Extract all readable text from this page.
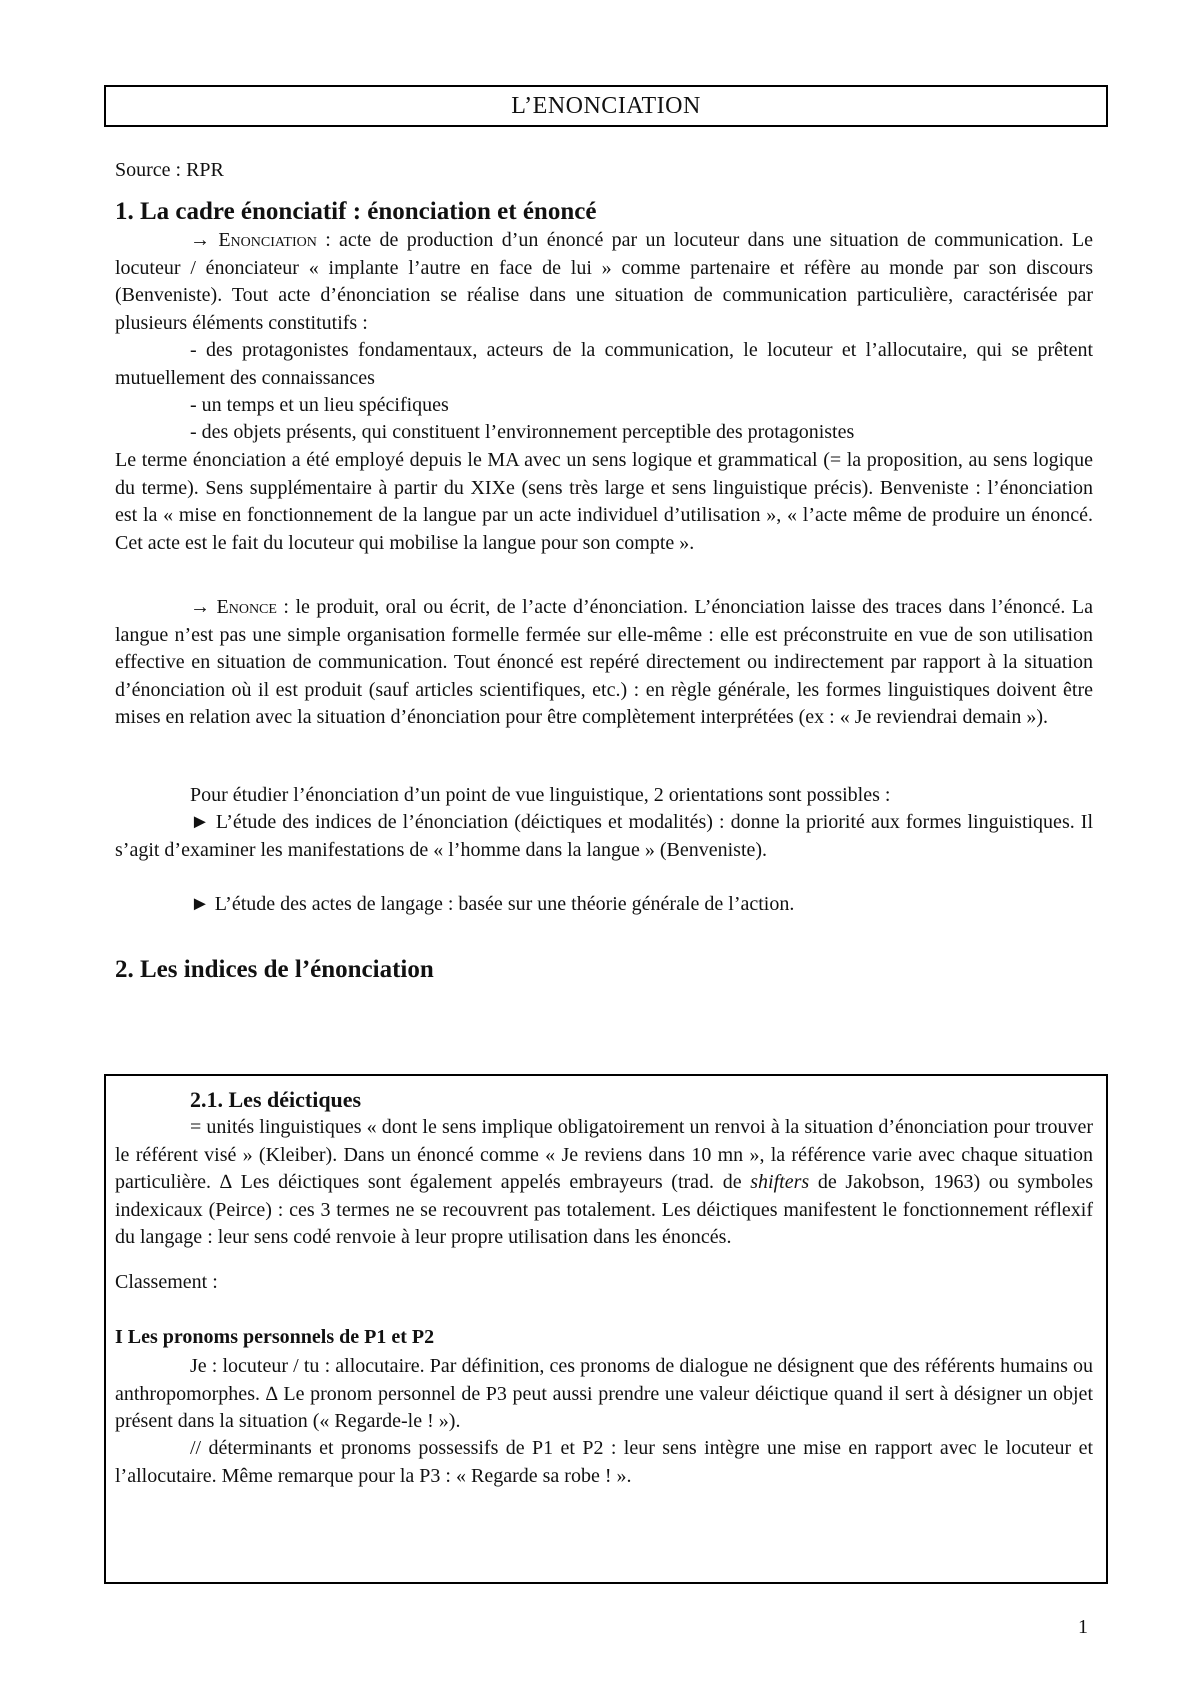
L’ENONCIATION
Source : RPR
1. La cadre énonciatif : énonciation et énoncé
→ Enonciation : acte de production d’un énoncé par un locuteur dans une situation de communication. Le locuteur / énonciateur « implante l’autre en face de lui » comme partenaire et réfère au monde par son discours (Benveniste). Tout acte d’énonciation se réalise dans une situation de communication particulière, caractérisée par plusieurs éléments constitutifs :
- des protagonistes fondamentaux, acteurs de la communication, le locuteur et l’allocutaire, qui se prêtent mutuellement des connaissances
- un temps et un lieu spécifiques
- des objets présents, qui constituent l’environnement perceptible des protagonistes
Le terme énonciation a été employé depuis le MA avec un sens logique et grammatical (= la proposition, au sens logique du terme). Sens supplémentaire à partir du XIXe (sens très large et sens linguistique précis). Benveniste : l’énonciation est la « mise en fonctionnement de la langue par un acte individuel d’utilisation », « l’acte même de produire un énoncé. Cet acte est le fait du locuteur qui mobilise la langue pour son compte ».
→ Enonce : le produit, oral ou écrit, de l’acte d’énonciation. L’énonciation laisse des traces dans l’énoncé. La langue n’est pas une simple organisation formelle fermée sur elle-même : elle est préconstruite en vue de son utilisation effective en situation de communication. Tout énoncé est repéré directement ou indirectement par rapport à la situation d’énonciation où il est produit (sauf articles scientifiques, etc.) : en règle générale, les formes linguistiques doivent être mises en relation avec la situation d’énonciation pour être complètement interprétées (ex : « Je reviendrai demain »).
Pour étudier l’énonciation d’un point de vue linguistique, 2 orientations sont possibles :
► L’étude des indices de l’énonciation (déictiques et modalités) : donne la priorité aux formes linguistiques. Il s’agit d’examiner les manifestations de « l’homme dans la langue » (Benveniste).
► L’étude des actes de langage : basée sur une théorie générale de l’action.
2. Les indices de l’énonciation
2.1. Les déictiques
= unités linguistiques « dont le sens implique obligatoirement un renvoi à la situation d’énonciation pour trouver le référent visé » (Kleiber). Dans un énoncé comme « Je reviens dans 10 mn », la référence varie avec chaque situation particulière. ∆ Les déictiques sont également appelés embrayeurs (trad. de shifters de Jakobson, 1963) ou symboles indexicaux (Peirce) : ces 3 termes ne se recouvrent pas totalement. Les déictiques manifestent le fonctionnement réflexif du langage : leur sens codé renvoie à leur propre utilisation dans les énoncés.
Classement :
I Les pronoms personnels de P1 et P2
Je : locuteur / tu : allocutaire. Par définition, ces pronoms de dialogue ne désignent que des référents humains ou anthropomorphes. ∆ Le pronom personnel de P3 peut aussi prendre une valeur déictique quand il sert à désigner un objet présent dans la situation (« Regarde-le ! »).
// déterminants et pronoms possessifs de P1 et P2 : leur sens intègre une mise en rapport avec le locuteur et l’allocutaire. Même remarque pour la P3 : « Regarde sa robe ! ».
1
